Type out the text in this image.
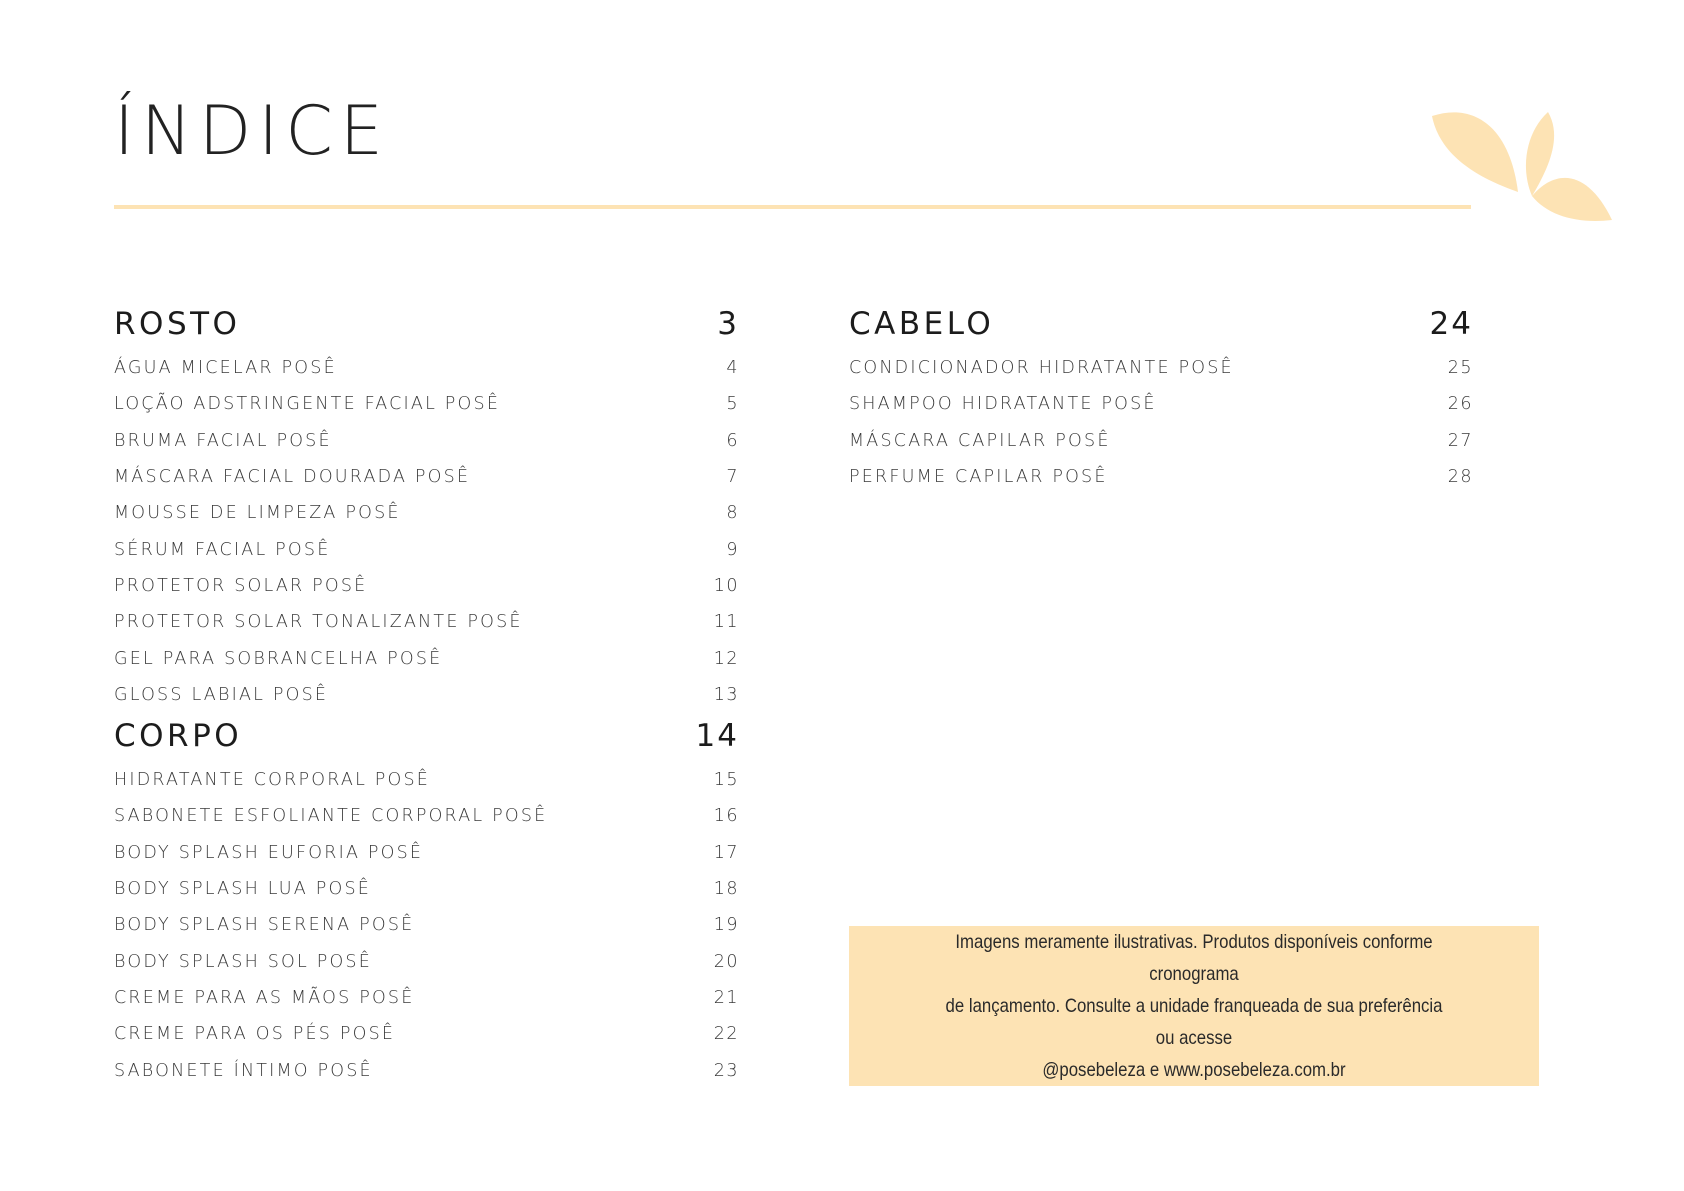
ÍNDICE
ROSTO	3
ÁGUA MICELAR POSÊ	4
LOÇÃO ADSTRINGENTE FACIAL POSÊ	5
BRUMA FACIAL POSÊ	6
MÁSCARA FACIAL DOURADA POSÊ	7
MOUSSE DE LIMPEZA POSÊ	8
SÉRUM FACIAL POSÊ	9
PROTETOR SOLAR POSÊ	10
PROTETOR SOLAR TONALIZANTE POSÊ	11
GEL PARA SOBRANCELHA POSÊ	12
GLOSS LABIAL POSÊ	13
CORPO	14
HIDRATANTE CORPORAL POSÊ	15
SABONETE ESFOLIANTE CORPORAL POSÊ	16
BODY SPLASH EUFORIA POSÊ	17
BODY SPLASH LUA POSÊ	18
BODY SPLASH SERENA POSÊ	19
BODY SPLASH SOL POSÊ	20
CREME PARA AS MÃOS POSÊ	21
CREME PARA OS PÉS POSÊ	22
SABONETE ÍNTIMO POSÊ	23
CABELO	24
CONDICIONADOR HIDRATANTE POSÊ	25
SHAMPOO HIDRATANTE POSÊ	26
MÁSCARA CAPILAR POSÊ	27
PERFUME CAPILAR POSÊ	28

Imagens meramente ilustrativas. Produtos disponíveis conforme cronograma
de lançamento. Consulte a unidade franqueada de sua preferência ou acesse
@posebeleza e www.posebeleza.com.br
